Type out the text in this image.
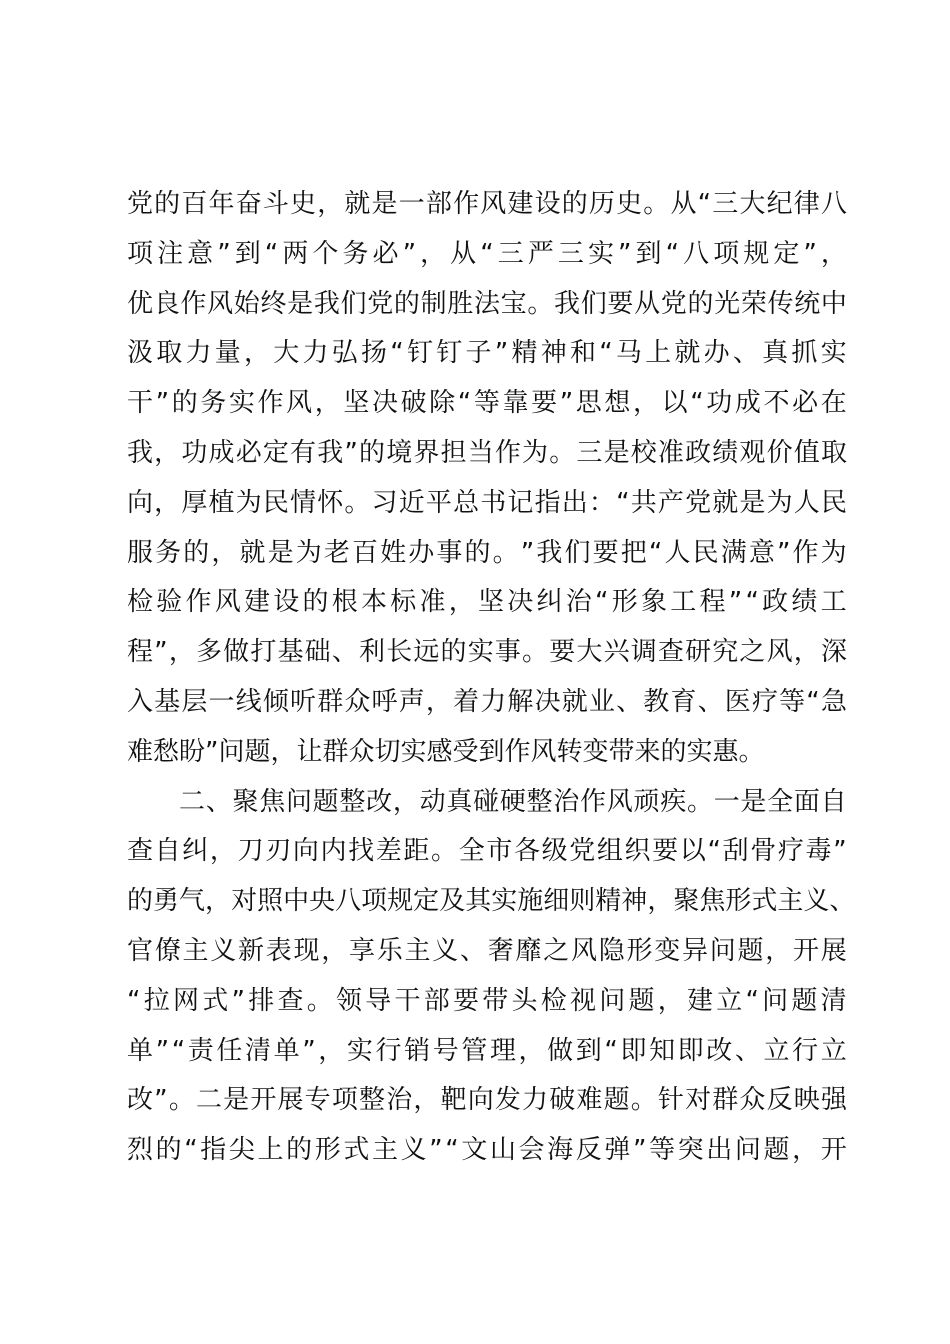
党 的 百 年 奋 斗 史 ， 就 是 一 部 作 风 建 设 的 历 史 。 从 “ 三 大 纪 律 八
项 注 意 ” 到 “ 两 个 务 必 ” ， 从 “ 三 严 三 实 ” 到 “ 八 项 规 定 ” ，
优 良 作 风 始 终 是 我 们 党 的 制 胜 法 宝 。 我 们 要 从 党 的 光 荣 传 统 中
汲 取 力 量 ， 大 力 弘 扬 “ 钉 钉 子 ” 精 神 和 “ 马 上 就 办 、 真 抓 实
干 ” 的 务 实 作 风 ， 坚 决 破 除 “ 等 靠 要 ” 思 想 ， 以 “ 功 成 不 必 在
我 ， 功 成 必 定 有 我 ” 的 境 界 担 当 作 为 。 三 是 校 准 政 绩 观 价 值 取
向 ， 厚 植 为 民 情 怀 。 习 近 平 总 书 记 指 出 ： “ 共 产 党 就 是 为 人 民
服 务 的 ， 就 是 为 老 百 姓 办 事 的 。 ” 我 们 要 把 “ 人 民 满 意 ” 作 为
检 验 作 风 建 设 的 根 本 标 准 ， 坚 决 纠 治 “ 形 象 工 程 ” “ 政 绩 工
程 ” ， 多 做 打 基 础 、 利 长 远 的 实 事 。 要 大 兴 调 查 研 究 之 风 ， 深
入 基 层 一 线 倾 听 群 众 呼 声 ， 着 力 解 决 就 业 、 教 育 、 医 疗 等 “ 急
难愁盼”问题，让群众切实感受到作风转变带来的实惠。
二 、 聚 焦 问 题 整 改 ， 动 真 碰 硬 整 治 作 风 顽 疾 。 一 是 全 面 自
查 自 纠 ， 刀 刃 向 内 找 差 距 。 全 市 各 级 党 组 织 要 以 “ 刮 骨 疗 毒 ”
的 勇 气 ， 对 照 中 央 八 项 规 定 及 其 实 施 细 则 精 神 ， 聚 焦 形 式 主 义 、
官 僚 主 义 新 表 现 ， 享 乐 主 义 、 奢 靡 之 风 隐 形 变 异 问 题 ， 开 展
“ 拉 网 式 ” 排 查 。 领 导 干 部 要 带 头 检 视 问 题 ， 建 立 “ 问 题 清
单 ” “ 责 任 清 单 ” ， 实 行 销 号 管 理 ， 做 到 “ 即 知 即 改 、 立 行 立
改 ” 。 二 是 开 展 专 项 整 治 ， 靶 向 发 力 破 难 题 。 针 对 群 众 反 映 强
烈 的 “ 指 尖 上 的 形 式 主 义 ” “ 文 山 会 海 反 弹 ” 等 突 出 问 题 ， 开
